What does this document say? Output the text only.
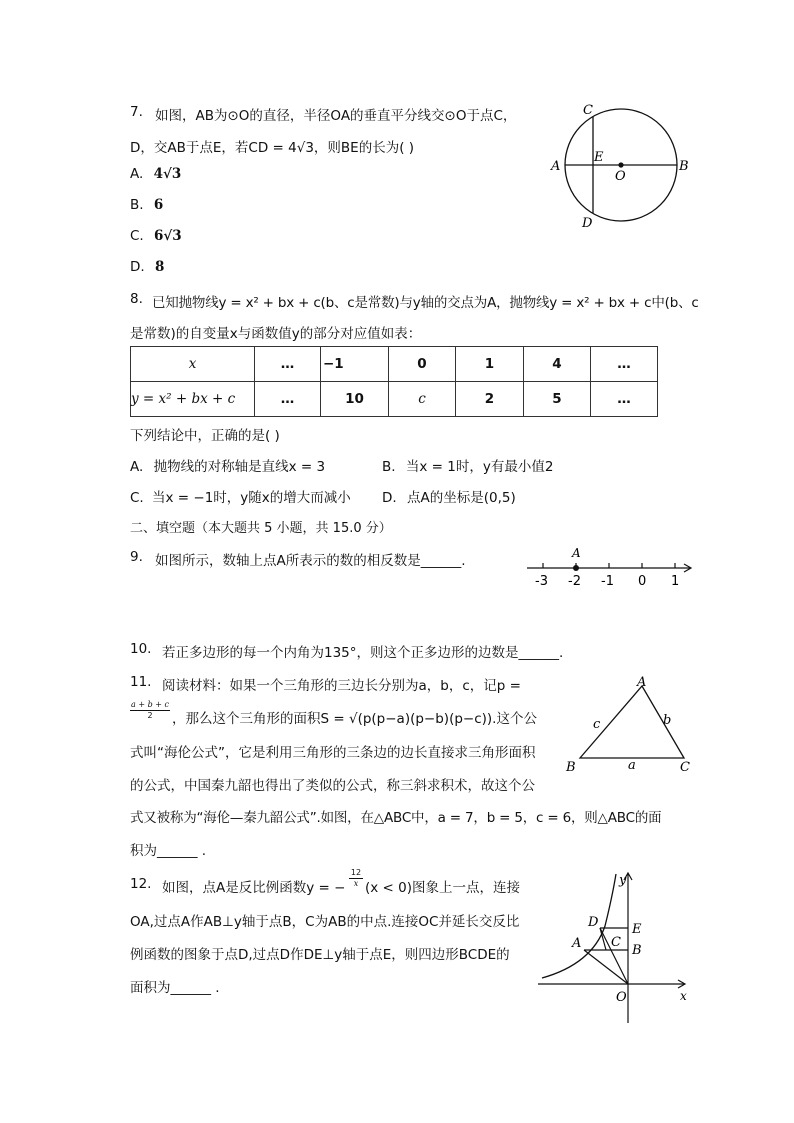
7. 如图，AB为⊙O的直径，半径OA的垂直平分线交⊙O于点C，
D，交AB于点E，若CD = 4√3，则BE的长为( )
A. 4√3
B. 6
C. 6√3
D. 8
C
D
A	B
E
O
8. 已知抛物线y = x² + bx + c(b、c是常数)与y轴的交点为A，抛物线y = x² + bx + c中(b、c
是常数)的自变量x与函数值y的部分对应值如表：
x	…	−1	0	1	4	…
y = x² + bx + c	…	10	c	2	5	…
下列结论中，正确的是( )
A. 抛物线的对称轴是直线x = 3	B. 当x = 1时，y有最小值2
C. 当x = −1时，y随x的增大而减小 D. 点A的坐标是(0,5)
二、填空题（本大题共 5 小题，共 15.0 分）
9. 如图所示，数轴上点A所表示的数的相反数是______.	A
-3 -2 -1 0 1
10. 若正多边形的每一个内角为135°，则这个正多边形的边数是______.
11. 阅读材料：如果一个三角形的三边长分别为a，b，c，记p =
$\frac{a + b + c}{2}$ ，那么这个三角形的面积S = √(p(p−a)(p−b)(p−c)).这个公
式叫“海伦公式”，它是利用三角形的三条边的边长直接求三角形面积
的公式，中国秦九韶也得出了类似的公式，称三斜求积术，故这个公
式又被称为“海伦—秦九韶公式”.如图，在△ABC中，a = 7，b = 5，c = 6，则△ABC的面
积为______ .
A
B	C
a
b
c
12. 如图，点A是反比例函数y = − $\frac{12}{x} (x < 0)$图象上一点，连接
OA,过点A作AB⊥y轴于点B，C为AB的中点.连接OC并延长交反比
例函数的图象于点D,过点D作DE⊥y轴于点E，则四边形BCDE的
面积为______ .
y
x
O
A	B
C
D	E
